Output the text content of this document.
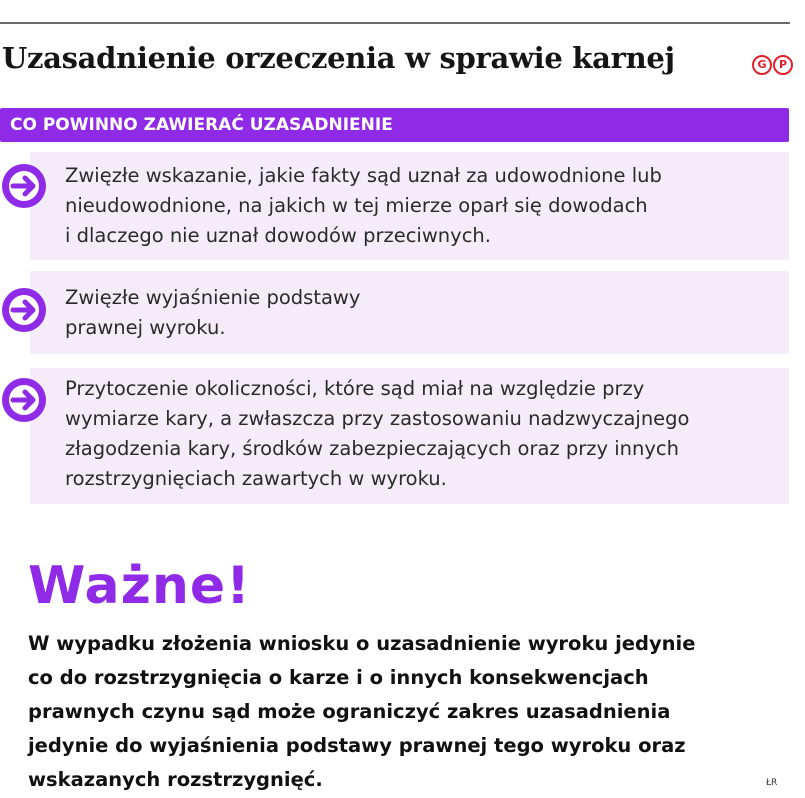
Uzasadnienie orzeczenia w sprawie karnej	G	P
CO POWINNO ZAWIERAĆ UZASADNIENIE
Zwięzłe wskazanie, jakie fakty sąd uznał za udowodnione lub
nieudowodnione, na jakich w tej mierze oparł się dowodach
i dlaczego nie uznał dowodów przeciwnych.
Zwięzłe wyjaśnienie podstawy
prawnej wyroku.
Przytoczenie okoliczności, które sąd miał na względzie przy
wymiarze kary, a zwłaszcza przy zastosowaniu nadzwyczajnego
złagodzenia kary, środków zabezpieczających oraz przy innych
rozstrzygnięciach zawartych w wyroku.
Ważne!
W wypadku złożenia wniosku o uzasadnienie wyroku jedynie
co do rozstrzygnięcia o karze i o innych konsekwencjach
prawnych czynu sąd może ograniczyć zakres uzasadnienia
jedynie do wyjaśnienia podstawy prawnej tego wyroku oraz
wskazanych rozstrzygnięć.	ŁR
